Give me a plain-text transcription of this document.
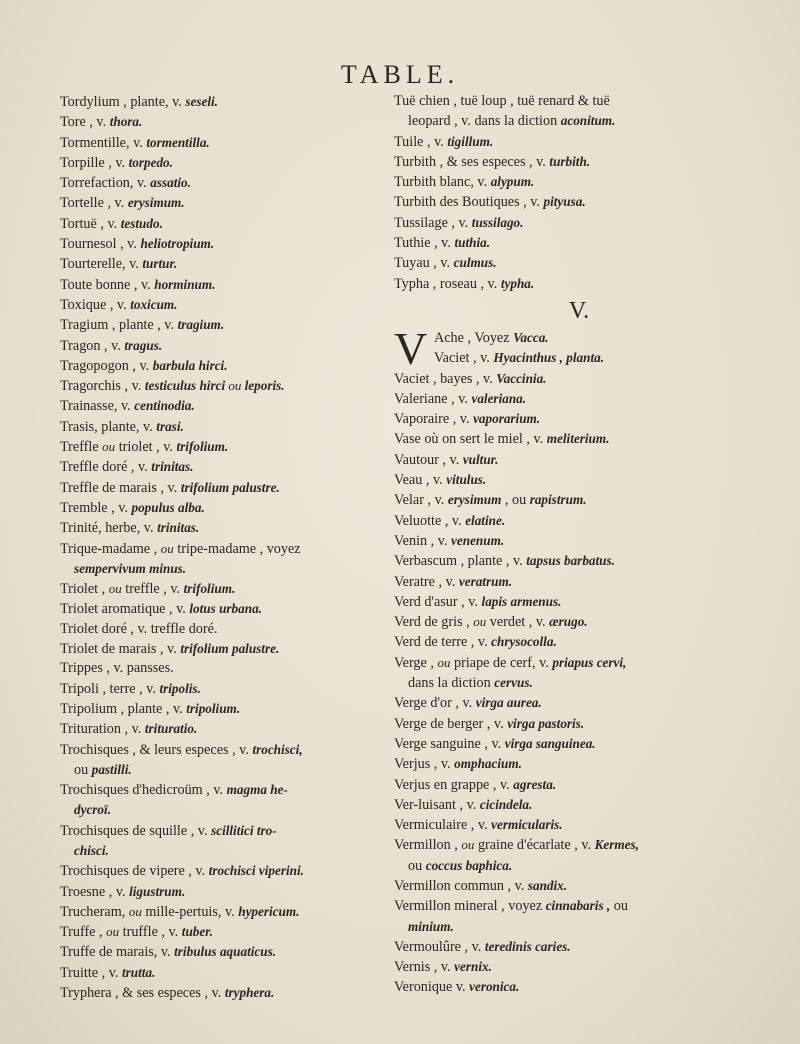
TABLE.
Tordylium , plante, v. seseli.
Tore , v. thora.
Tormentille, v. tormentilla.
Torpille , v. torpedo.
Torrefaction, v. assatio.
Tortelle , v. erysimum.
Tortuë , v. testudo.
Tournesol , v. heliotropium.
Tourterelle, v. turtur.
Toute bonne , v. horminum.
Toxique , v. toxicum.
Tragium , plante , v. tragium.
Tragon , v. tragus.
Tragopogon , v. barbula hirci.
Tragorchis , v. testiculus hirci ou leporis.
Trainasse, v. centinodia.
Trasis, plante, v. trasi.
Treffle ou triolet , v. trifolium.
Treffle doré , v. trinitas.
Treffle de marais , v. trifolium palustre.
Tremble , v. populus alba.
Trinité, herbe, v. trinitas.
Trique-madame , ou tripe-madame , voyez
sempervivum minus.
Triolet , ou treffle , v. trifolium.
Triolet aromatique , v. lotus urbana.
Triolet doré , v. treffle doré.
Triolet de marais , v. trifolium palustre.
Trippes , v. pansses.
Tripoli , terre , v. tripolis.
Tripolium , plante , v. tripolium.
Trituration , v. trituratio.
Trochisques , & leurs especes , v. trochisci,
ou pastilli.
Trochisques d'hedicroüm , v. magma he-
dycroï.
Trochisques de squille , v. scillitici tro-
chisci.
Trochisques de vipere , v. trochisci viperini.
Troesne , v. ligustrum.
Trucheram, ou mille-pertuis, v. hypericum.
Truffe , ou truffle , v. tuber.
Truffe de marais, v. tribulus aquaticus.
Truitte , v. trutta.
Tryphera , & ses especes , v. tryphera.
Tuë chien , tuë loup , tuë renard & tuë
leopard , v. dans la diction aconitum.
Tuile , v. tigillum.
Turbith , & ses especes , v. turbith.
Turbith blanc, v. alypum.
Turbith des Boutiques , v. pityusa.
Tussilage , v. tussilago.
Tuthie , v. tuthia.
Tuyau , v. culmus.
Typha , roseau , v. typha.
V.
V Ache , Voyez Vacca.
Vaciet , v. Hyacinthus , planta.
Vaciet , bayes , v. Vaccinia.
Valeriane , v. valeriana.
Vaporaire , v. vaporarium.
Vase où on sert le miel , v. meliterium.
Vautour , v. vultur.
Veau , v. vitulus.
Velar , v. erysimum , ou rapistrum.
Veluotte , v. elatine.
Venin , v. venenum.
Verbascum , plante , v. tapsus barbatus.
Veratre , v. veratrum.
Verd d'asur , v. lapis armenus.
Verd de gris , ou verdet , v. ærugo.
Verd de terre , v. chrysocolla.
Verge , ou priape de cerf, v. priapus cervi,
dans la diction cervus.
Verge d'or , v. virga aurea.
Verge de berger , v. virga pastoris.
Verge sanguine , v. virga sanguinea.
Verjus , v. omphacium.
Verjus en grappe , v. agresta.
Ver-luisant , v. cicindela.
Vermiculaire , v. vermicularis.
Vermillon , ou graine d'écarlate , v. Kermes,
ou coccus baphica.
Vermillon commun , v. sandix.
Vermillon mineral , voyez cinnabaris , ou
minium.
Vermoulûre , v. teredinis caries.
Vernis , v. vernix.
Veronique v. veronica.
